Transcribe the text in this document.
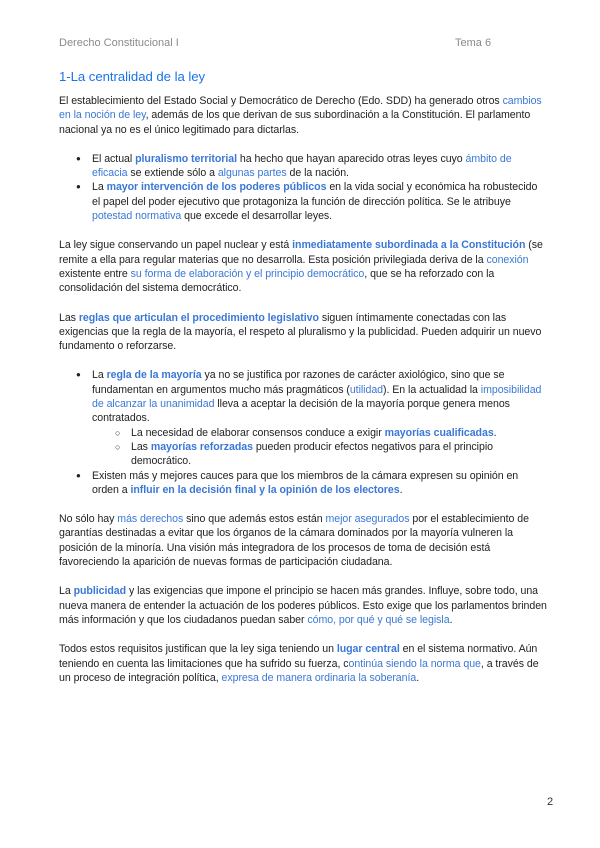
Derecho Constitucional I	Tema 6
1-La centralidad de la ley

El establecimiento del Estado Social y Democrático de Derecho (Edo. SDD) ha generado otros cambios en la noción de ley, además de los que derivan de sus subordinación a la Constitución. El parlamento nacional ya no es el único legitimado para dictarlas.

● El actual pluralismo territorial ha hecho que hayan aparecido otras leyes cuyo ámbito de eficacia se extiende sólo a algunas partes de la nación.
● La mayor intervención de los poderes públicos en la vida social y económica ha robustecido el papel del poder ejecutivo que protagoniza la función de dirección política. Se le atribuye potestad normativa que excede el desarrollar leyes.

La ley sigue conservando un papel nuclear y está inmediatamente subordinada a la Constitución (se remite a ella para regular materias que no desarrolla. Esta posición privilegiada deriva de la conexión existente entre su forma de elaboración y el principio democrático, que se ha reforzado con la consolidación del sistema democrático.

Las reglas que articulan el procedimiento legislativo siguen íntimamente conectadas con las exigencias que la regla de la mayoría, el respeto al pluralismo y la publicidad. Pueden adquirir un nuevo fundamento o reforzarse.

● La regla de la mayoría ya no se justifica por razones de carácter axiológico, sino que se fundamentan en argumentos mucho más pragmáticos (utilidad). En la actualidad la imposibilidad de alcanzar la unanimidad lleva a aceptar la decisión de la mayoría porque genera menos contratados.
○ La necesidad de elaborar consensos conduce a exigir mayorías cualificadas.
○ Las mayorías reforzadas pueden producir efectos negativos para el principio democrático.
● Existen más y mejores cauces para que los miembros de la cámara expresen su opinión en orden a influir en la decisión final y la opinión de los electores.

No sólo hay más derechos sino que además estos están mejor asegurados por el establecimiento de garantías destinadas a evitar que los órganos de la cámara dominados por la mayoría vulneren la posición de la minoría. Una visión más integradora de los procesos de toma de decisión está favoreciendo la aparición de nuevas formas de participación ciudadana.

La publicidad y las exigencias que impone el principio se hacen más grandes. Influye, sobre todo, una nueva manera de entender la actuación de los poderes públicos. Esto exige que los parlamentos brinden más información y que los ciudadanos puedan saber cómo, por qué y qué se legisla.

Todos estos requisitos justifican que la ley siga teniendo un lugar central en el sistema normativo. Aún teniendo en cuenta las limitaciones que ha sufrido su fuerza, continúa siendo la norma que, a través de un proceso de integración política, expresa de manera ordinaria la soberanía.

2
